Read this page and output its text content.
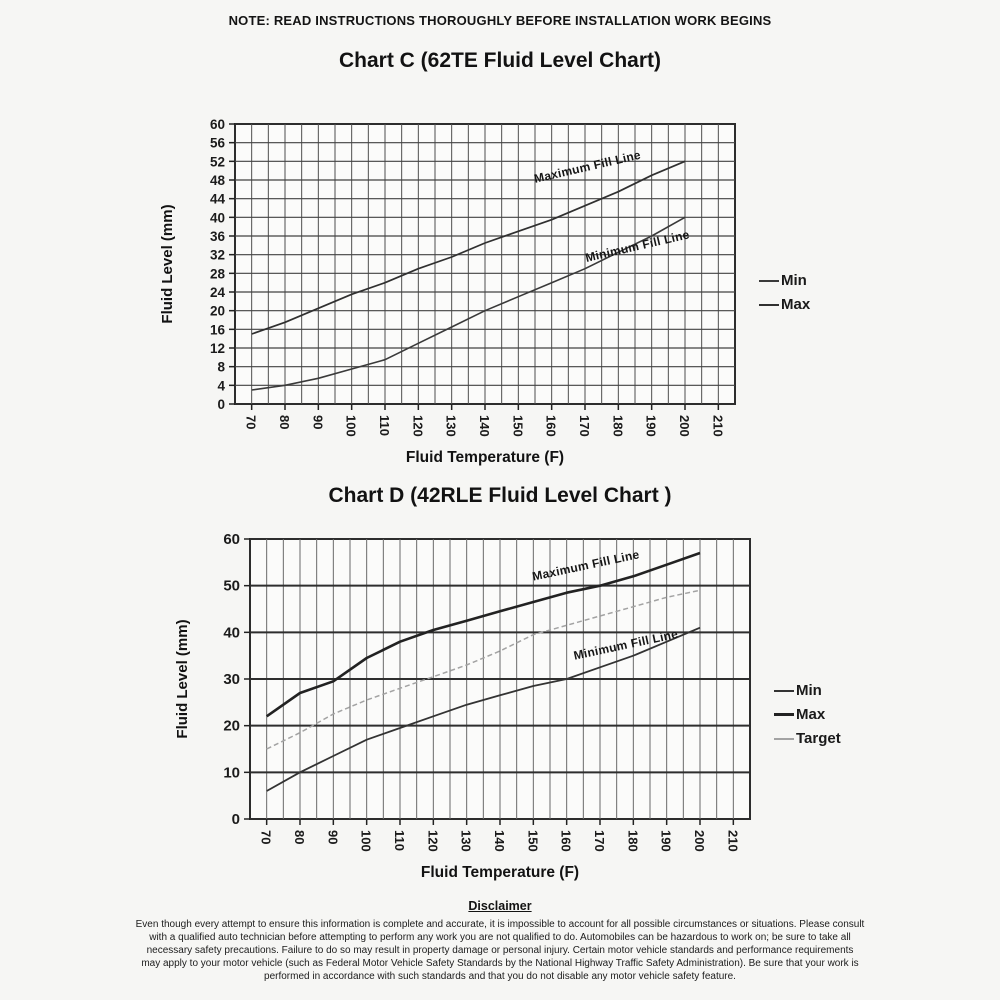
NOTE: READ INSTRUCTIONS THOROUGHLY BEFORE INSTALLATION WORK BEGINS
Chart C (62TE Fluid Level Chart)
70 80 90 100 110 120 130 140 150 160 170 180 190 200 210
0
4
8
12
16
20
24
28
32
36
40
44
48
52
56
60
Maximum Fill Line
Minimum Fill Line
Fluid Temperature (F)
Fluid Level (mm)	Min
Max
Chart D (42RLE Fluid Level Chart )
70 80 90 100 110 120 130 140 150 160 170 180 190 200 210
0
10
20
30
40
50
60
Maximum Fill Line
Minimum Fill Line
Fluid Temperature (F)
Fluid Level (mm)	Min
Max
Target
Disclaimer
Even though every attempt to ensure this information is complete and accurate, it is impossible to account for all possible circumstances or situations. Please consult
with a qualified auto technician before attempting to perform any work you are not qualified to do. Automobiles can be hazardous to work on; be sure to take all
necessary safety precautions. Failure to do so may result in property damage or personal injury. Certain motor vehicle standards and performance requirements
may apply to your motor vehicle (such as Federal Motor Vehicle Safety Standards by the National Highway Traffic Safety Administration). Be sure that your work is
performed in accordance with such standards and that you do not disable any motor vehicle safety feature.
